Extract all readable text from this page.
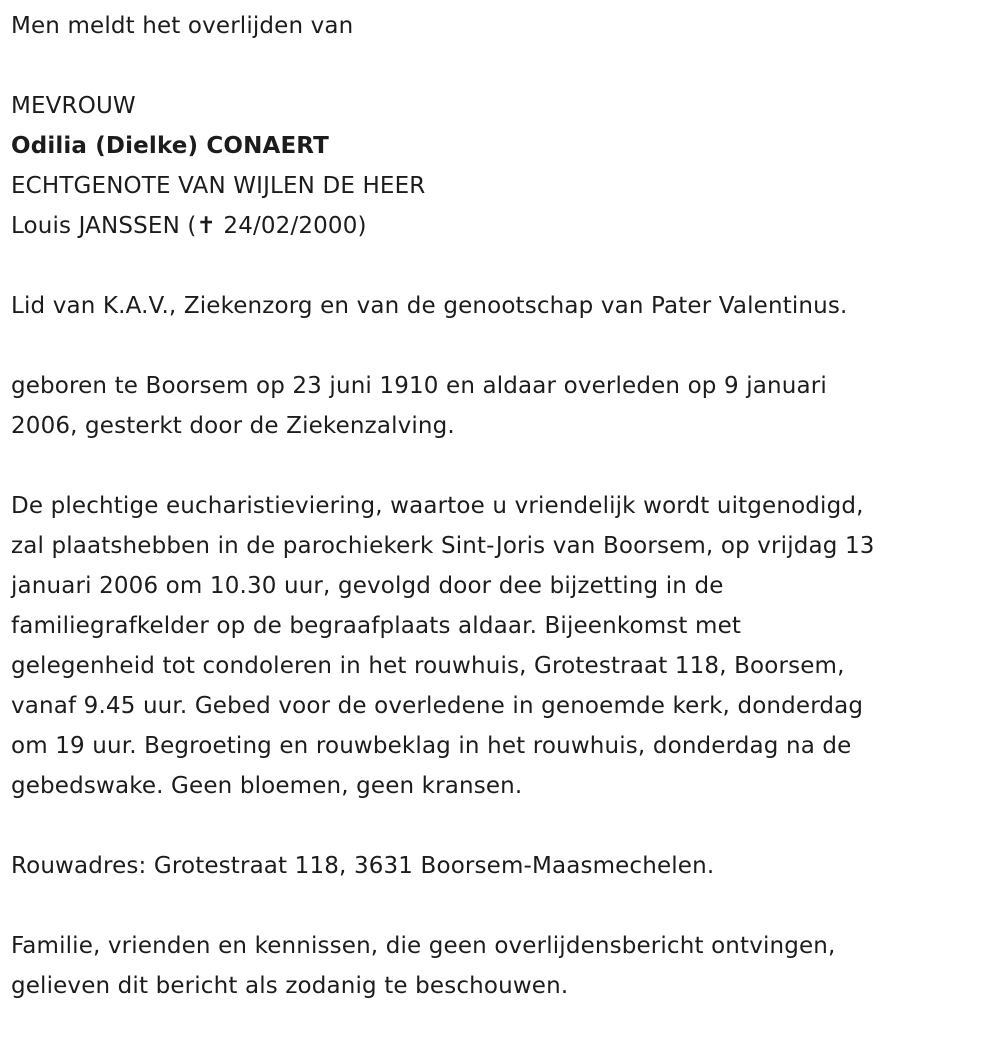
Men meldt het overlijden van

MEVROUW

Odilia (Dielke) CONAERT

ECHTGENOTE VAN WIJLEN DE HEER

Louis JANSSEN (✝ 24/02/2000)

Lid van K.A.V., Ziekenzorg en van de genootschap van Pater Valentinus.

geboren te Boorsem op 23 juni 1910 en aldaar overleden op 9 januari

2006, gesterkt door de Ziekenzalving.

De plechtige eucharistieviering, waartoe u vriendelijk wordt uitgenodigd,

zal plaatshebben in de parochiekerk Sint-Joris van Boorsem, op vrijdag 13

januari 2006 om 10.30 uur, gevolgd door dee bijzetting in de

familiegrafkelder op de begraafplaats aldaar. Bijeenkomst met

gelegenheid tot condoleren in het rouwhuis, Grotestraat 118, Boorsem,

vanaf 9.45 uur. Gebed voor de overledene in genoemde kerk, donderdag

om 19 uur. Begroeting en rouwbeklag in het rouwhuis, donderdag na de

gebedswake. Geen bloemen, geen kransen.

Rouwadres: Grotestraat 118, 3631 Boorsem-Maasmechelen.

Familie, vrienden en kennissen, die geen overlijdensbericht ontvingen,

gelieven dit bericht als zodanig te beschouwen.
